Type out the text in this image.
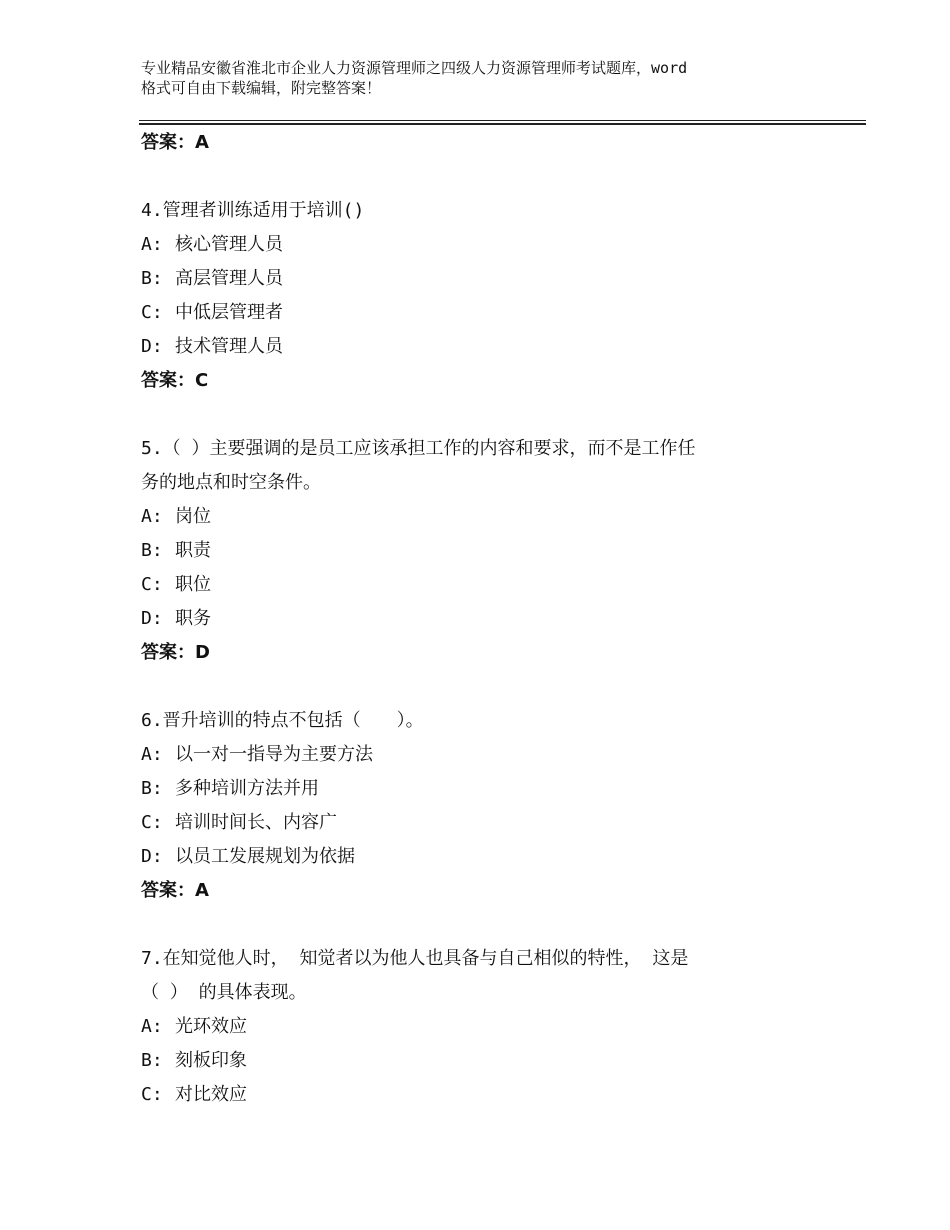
专业精品安徽省淮北市企业人力资源管理师之四级人力资源管理师考试题库，word
格式可自由下载编辑，附完整答案！
答案：A
4.管理者训练适用于培训()
A: 核心管理人员
B: 高层管理人员
C: 中低层管理者
D: 技术管理人员
答案：C
5.（ ）主要强调的是员工应该承担工作的内容和要求，而不是工作任
务的地点和时空条件。
A: 岗位
B: 职责
C: 职位
D: 职务
答案：D
6.晋升培训的特点不包括（　　）。
A: 以一对一指导为主要方法
B: 多种培训方法并用
C: 培训时间长、内容广
D: 以员工发展规划为依据
答案：A
7.在知觉他人时， 知觉者以为他人也具备与自己相似的特性， 这是
（ ） 的具体表现。
A: 光环效应
B: 刻板印象
C: 对比效应
